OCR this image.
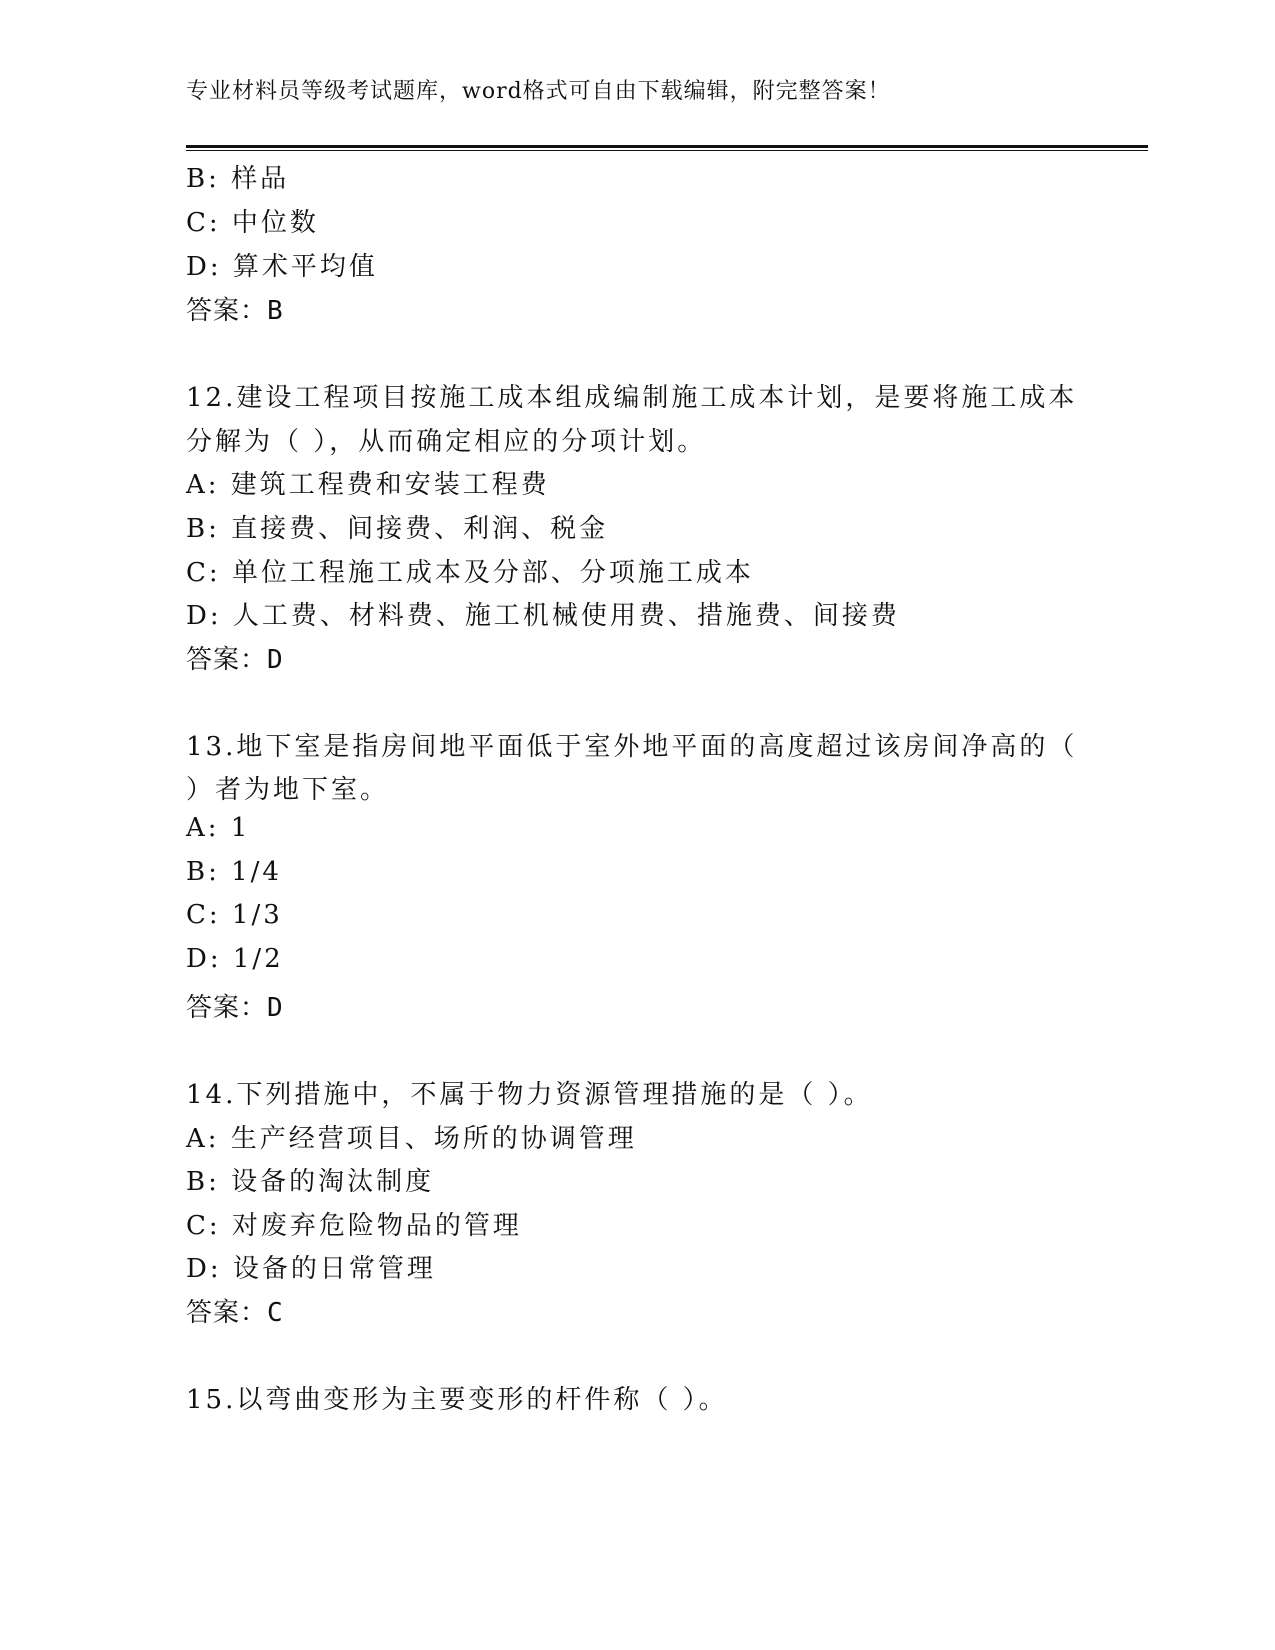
专业材料员等级考试题库，word格式可自由下载编辑，附完整答案！
B: 样品
C: 中位数
D: 算术平均值
答案：B
12.建设工程项目按施工成本组成编制施工成本计划，是要将施工成本
分解为（ ），从而确定相应的分项计划。
A: 建筑工程费和安装工程费
B: 直接费、间接费、利润、税金
C: 单位工程施工成本及分部、分项施工成本
D: 人工费、材料费、施工机械使用费、措施费、间接费
答案：D
13.地下室是指房间地平面低于室外地平面的高度超过该房间净高的（
）者为地下室。
A: 1
B: 1/4
C: 1/3
D: 1/2
答案：D
14.下列措施中，不属于物力资源管理措施的是（ ）。
A: 生产经营项目、场所的协调管理
B: 设备的淘汰制度
C: 对废弃危险物品的管理
D: 设备的日常管理
答案：C
15.以弯曲变形为主要变形的杆件称（ ）。
